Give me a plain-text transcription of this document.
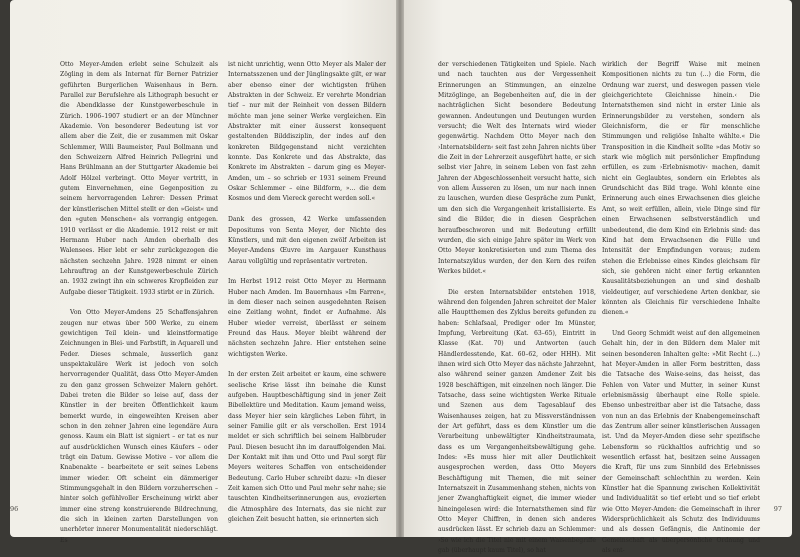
Otto Meyer-Amden erlebt seine Schulzeit als Zögling in dem als Internat für Berner Patrizier geführten Burgerlichen Waisenhaus in Bern. Parallel zur Berufslehre als Lithograph besucht er die Abendklasse der Kunstgewerbeschule in Zürich. 1906–1907 studiert er an der Münchner Akademie. Von besonderer Bedeutung ist vor allem aber die Zeit, die er zusammen mit Oskar Schlemmer, Willi Baumeister, Paul Bollmann und den Schweizern Alfred Heinrich Pellegrini und Hans Brühlmann an der Stuttgarter Akademie bei Adolf Hölzel verbringt. Otto Meyer vertritt, in gutem Einvernehmen, eine Gegenposition zu seinem hervorragenden Lehrer: Dessen Primat der künstlerischen Mittel stellt er den »Geist« und den »guten Menschen« als vorrangig entgegen. 1910 verlässt er die Akademie. 1912 reist er mit Hermann Huber nach Amden oberhalb des Walensees. Hier lebt er sehr zurückgezogen die nächsten sechzehn Jahre. 1928 nimmt er einen Lehrauftrag an der Kunstgewerbeschule Zürich an. 1932 zwingt ihn ein schweres Kropfleiden zur Aufgabe dieser Tätigkeit. 1933 stirbt er in Zürich.

Von Otto Meyer-Amdens 25 Schaffensjahren zeugen nur etwas über 500 Werke, zu einem gewichtigen Teil klein- und kleinstformatige Zeichnungen in Blei- und Farbstift, in Aquarell und Feder. Dieses schmale, äusserlich ganz unspektakuläre Werk ist jedoch von solch hervorragender Qualität, dass Otto Meyer-Amden zu den ganz grossen Schweizer Malern gehört. Dabei treten die Bilder so leise auf, dass der Künstler in der breiten Öffentlichkeit kaum bemerkt wurde, in eingeweihten Kreisen aber schon in den zehner Jahren eine legendäre Aura genoss. Kaum ein Blatt ist signiert – er tat es nur auf ausdrücklichen Wunsch eines Käufers – oder trägt ein Datum. Gewisse Motive – vor allem die Knabenakte – bearbeitete er seit seines Lebens immer wieder. Oft scheint ein dämmeriger Stimmungsgehalt in den Bildern vorzuherrschen – hinter solch gefühlvoller Erscheinung wirkt aber immer eine streng konstruierende Bildrechnung, die sich in kleinen zarten Darstellungen von unerhörter innerer Monumentalität niederschlägt. Es

ist nicht unrichtig, wenn Otto Meyer als Maler der Internatsszenen und der Jünglingsakte gilt, er war aber ebenso einer der wichtigsten frühen Abstrakten in der Schweiz. Er verehrte Mondrian tief – nur mit der Reinheit von dessen Bildern möchte man jene seiner Werke vergleichen. Ein Abstrakter mit einer äusserst konsequent gestaltenden Bilddisziplin, der indes auf den konkreten Bildgegenstand nicht verzichten konnte. Das Konkrete und das Abstrakte, das Konkrete im Abstrakten – darum ging es Meyer-Amden, um – so schrieb er 1931 seinem Freund Oskar Schlemmer – eine Bildform, »... die dem Kosmos und dem Viereck gerecht werden soll.«

Dank des grossen, 42 Werke umfassenden Depositums von Senta Meyer, der Nichte des Künstlers, und mit den eigenen zwölf Arbeiten ist Meyer-Amdens Œuvre im Aargauer Kunsthaus Aarau vollgültig und repräsentativ vertreten.

Im Herbst 1912 reist Otto Meyer zu Hermann Huber nach Amden. Im Bauernhaus »Im Farren«, in dem dieser nach seinen ausgedehnten Reisen eine Zeitlang wohnt, findet er Aufnahme. Als Huber wieder verreist, überlässt er seinem Freund das Haus. Meyer bleibt während der nächsten sechzehn Jahre. Hier entstehen seine wichtigsten Werke.

In der ersten Zeit arbeitet er kaum, eine schwere seelische Krise lässt ihn beinahe die Kunst aufgeben. Hauptbeschäftigung sind in jener Zeit Bibellektüre und Meditation. Kaum jemand weiss, dass Meyer hier sein kärgliches Leben führt, in seiner Familie gilt er als verschollen. Erst 1914 meldet er sich schriftlich bei seinem Halbbruder Paul. Diesen besucht ihn im darauffolgenden Mai. Der Kontakt mit ihm und Otto und Paul sorgt für Meyers weiteres Schaffen von entscheidender Bedeutung. Carlo Huber schreibt dazu: »In dieser Zeit kamen sich Otto und Paul mehr sehr nahe; sie tauschten Kindheitserinnerungen aus, evozierten die Atmosphäre des Internats, das sie nicht zur gleichen Zeit besucht hatten, sie erinnerten sich

96

der verschiedenen Tätigkeiten und Spiele. Nach und nach tauchten aus der Vergessenheit Erinnerungen an Stimmungen, an einzelne Mitzöglinge, an Begebenheiten auf, die in der nachträglichen Sicht besondere Bedeutung gewannen. Andeutungen und Deutungen wurden versucht; die Welt des Internats wird wieder gegenwärtig. Nachdem Otto Meyer nach den ›Internatsbildern‹ seit fast zehn Jahren nichts über die Zeit in der Lehrerzeit ausgeführt hatte, er sich selbst vier Jahre, in seinem Leben von fast zehn Jahren der Abgeschlossenheit versucht hatte, sich von allem Äusseren zu lösen, um nur nach innen zu lauschen, wurden diese Gespräche zum Punkt, um den sich die Vergangenheit kristallisierte. Es sind die Bilder, die in diesen Gesprächen heraufbeschworen und mit Bedeutung erfüllt wurden, die sich einige Jahre später im Werk von Otto Meyer konkretisierten und zum Thema des Internatszyklus wurden, der den Kern des reifen Werkes bildet.«

Die ersten Internatsbilder entstehen 1918, während den folgenden Jahren schreitet der Maler alle Hauptthemen des Zyklus bereits gefunden zu haben: Schlafsaal, Prediger oder Im Münster, Impfung, Verbreitung (Kat. 63–65), Eintritt in Klasse (Kat. 70) und Antworten (auch Händlerdesstende, Kat. 60–62, oder HHH). Mit ihnen wird sich Otto Meyer das nächste Jahrzehnt, also während seiner ganzen Amdener Zeit bis 1928 beschäftigen, mit einzelnen noch länger. Die Tatsache, dass seine wichtigsten Werke Rituale und Szenen aus dem Tagesablauf des Waisenhauses zeigen, hat zu Missverständnissen der Art geführt, dass es dem Künstler um die Verarbeitung unbewältigter Kindheitstraumata, dass es um Vergangenheitsbewältigung gehe. Indes: »Es muss hier mit aller Deutlichkeit ausgesprochen werden, dass Otto Meyers Beschäftigung mit Themen, die mit seiner Internatszeit in Zusammenhang stehen, nichts von jener Zwanghaftigkeit eignet, die immer wieder hineingelesen wird: die Internatsthemen sind für Otto Meyer Chiffren, in denen sich anderes ausdrücken lässt. Er schrieb dazu an Schlemmer: ›So wie ich die Titel nie mit einem Waisenbegriffe gab (überhaupt kaum Titel), so hat

wirklich der Begriff Waise mit meinen Kompositionen nichts zu tun (...) die Form, die Ordnung war zuerst, und deswegen passen viele gleichgerichtete Gleichnisse hinein.‹ Die Internatsthemen sind nicht in erster Linie als Erinnerungsbilder zu verstehen, sondern als Gleichnisform, die er für menschliche Stimmungen und religiöse Inhalte wählte.« Die Transposition in die Kindheit sollte »das Motiv so stark wie möglich mit persönlicher Empfindung erfüllen, es zum ›Erlebnismotiv‹ machen, damit nicht ein Geglaubtes, sondern ein Erlebtes als Grundschicht das Bild trage. Wohl könnte eine Erinnerung auch eines Erwachsenen dies gleiche Amt, so weit erfüllen, allein, viele Dinge sind für einen Erwachsenen selbstverständlich und unbedeutend, die dem Kind ein Erlebnis sind: das Kind hat dem Erwachsenen die Fülle und Intensität der Empfindungen voraus; zudem stehen die Erlebnisse eines Kindes gleichsam für sich, sie gehören nicht einer fertig erkannten Kausalitätsbeziehungen an und sind deshalb vieldeutiger, auf verschiedene Arten denkbar, sie könnten als Gleichnis für verschiedene Inhalte dienen.«

Und Georg Schmidt weist auf den allgemeinen Gehalt hin, der in den Bildern dem Maler mit seinen besonderen Inhalten gelte: »Mit Recht (...) hat Meyer-Amden in aller Form bestritten, dass die Tatsache des Waise-seins, das heisst, das Fehlen von Vater und Mutter, in seiner Kunst erlebnismässig überhaupt eine Rolle spiele. Ebenso unbestreitbar aber ist die Tatsache, dass von nun an das Erlebnis der Knabengemeinschaft das Zentrum aller seiner künstlerischen Aussagen ist. Und da Meyer-Amden diese sehr spezifische Lebensform so rückhaltlos aufrichtig und so wesentlich erfasst hat, besitzen seine Aussagen die Kraft, für uns zum Sinnbild des Erlebnisses der Gemeinschaft schlechthin zu werden. Kein Künstler hat die Spannung zwischen Kollektivität und Individualität so tief erlebt und so tief erlebt wie Otto Meyer-Amden: die Gemeinschaft in ihrer Widersprüchlichkeit als Schutz des Individuums und als dessen Gefängnis, die Antinomie der Gemeinschaft als überpersönliche Ordnung und als ent-

97
